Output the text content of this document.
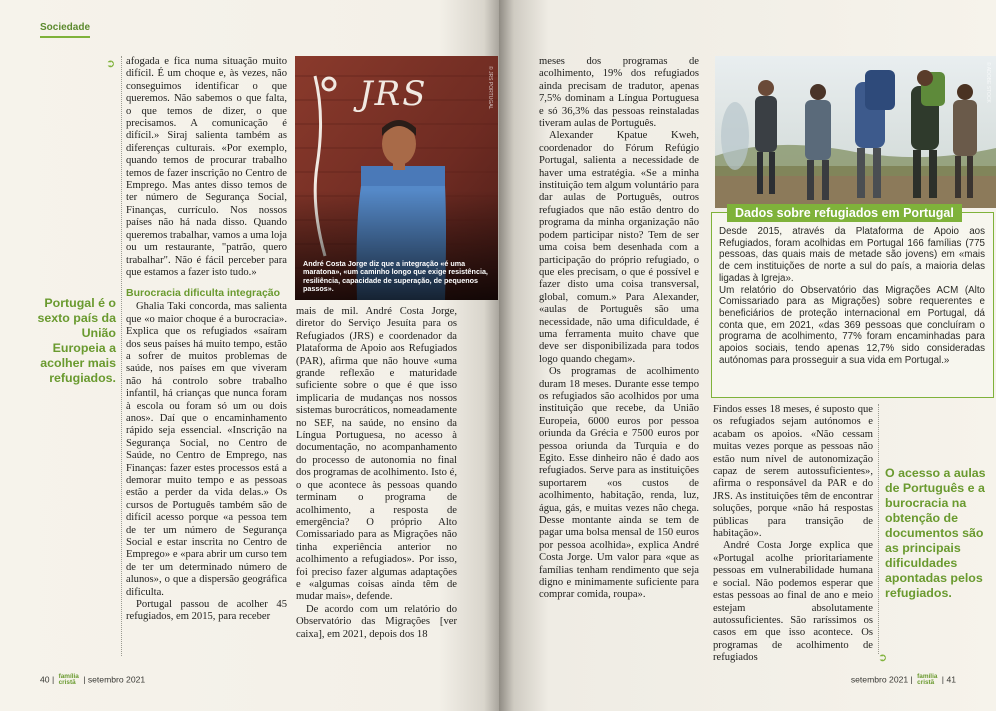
Sociedade
➲ afogada e fica numa situação muito difícil. É um choque e, às vezes, não conseguimos identificar o que queremos. Não sabemos o que falta, o que temos de dizer, o que precisamos. A comunicação é difícil.» Siraj salienta também as diferenças culturais. «Por exemplo, quando temos de procurar trabalho temos de fazer inscrição no Centro de Emprego. Mas antes disso temos de ter número de Segurança Social, Finanças, currículo. Nos nossos países não há nada disso. Quando queremos trabalhar, vamos a uma loja ou um restaurante, "patrão, quero trabalhar". Não é fácil perceber para que estamos a fazer isto tudo.»

Burocracia dificulta integração

Ghalia Taki concorda, mas salienta que «o maior choque é a burocracia». Explica que os refugiados «saíram dos seus países há muito tempo, estão a sofrer de muitos problemas de saúde, nos países em que viveram não há controlo sobre trabalho infantil, há crianças que nunca foram à escola ou foram só um ou dois anos». Daí que o encaminhamento rápido seja essencial. «Inscrição na Segurança Social, no Centro de Saúde, no Centro de Emprego, nas Finanças: fazer estes processos está a demorar muito tempo e as pessoas estão a perder da vida delas.» Os cursos de Português também são de difícil acesso porque «a pessoa tem de ter um número de Segurança Social e estar inscrita no Centro de Emprego» e «para abrir um curso tem de ter um determinado número de alunos», o que a dispersão geográfica dificulta.

Portugal passou de acolher 45 refugiados, em 2015, para receber

JRS	© JRS PORTUGAL
André Costa Jorge diz que a integração «é uma maratona», «um caminho longo que exige resistência, resiliência, capacidade de superação, de pequenos passos».

mais de mil. André Costa Jorge, diretor do Serviço Jesuíta para os Refugiados (JRS) e coordenador da Plataforma de Apoio aos Refugiados (PAR), afirma que não houve «uma grande reflexão e maturidade suficiente sobre o que é que isso implicaria de mudanças nos nossos sistemas burocráticos, nomeadamente no SEF, na saúde, no ensino da Língua Portuguesa, no acesso à documentação, no acompanhamento do processo de autonomia no final dos programas de acolhimento. Isto é, o que acontece às pessoas quando terminam o programa de acolhimento, a resposta de emergência? O próprio Alto Comissariado para as Migrações não tinha experiência anterior no acolhimento a refugiados». Por isso, foi preciso fazer algumas adaptações e «algumas coisas ainda têm de mudar mais», defende.

De acordo com um relatório do Observatório das Migrações [ver caixa], em 2021, depois dos 18

Portugal é o sexto país da União Europeia a acolher mais refugiados.
40 | família
cristã | setembro 2021

meses dos programas de acolhimento, 19% dos refugiados ainda precisam de tradutor, apenas 7,5% dominam a Língua Portuguesa e só 36,3% das pessoas reinstaladas tiveram aulas de Português.

Alexander Kpatue Kweh, coordenador do Fórum Refúgio Portugal, salienta a necessidade de haver uma estratégia. «Se a minha instituição tem algum voluntário para dar aulas de Português, outros refugiados que não estão dentro do programa da minha organização não podem participar nisto? Tem de ser uma coisa bem desenhada com a participação do próprio refugiado, o que eles precisam, o que é possível e fazer disto uma coisa transversal, global, comum.» Para Alexander, «aulas de Português são uma necessidade, não uma dificuldade, é uma ferramenta muito chave que deve ser disponibilizada para todos logo quando chegam».

Os programas de acolhimento duram 18 meses. Durante esse tempo os refugiados são acolhidos por uma instituição que recebe, da União Europeia, 6000 euros por pessoa oriunda da Grécia e 7500 euros por pessoa oriunda da Turquia e do Egito. Esse dinheiro não é dado aos refugiados. Serve para as instituições suportarem «os custos de acolhimento, habitação, renda, luz, água, gás, e muitas vezes não chega. Desse montante ainda se tem de pagar uma bolsa mensal de 150 euros por pessoa acolhida», explica André Costa Jorge. Um valor para «que as famílias tenham rendimento que seja digno e minimamente suficiente para comprar comida, roupa».

© ADOBE STOCK
Dados sobre refugiados em Portugal

Desde 2015, através da Plataforma de Apoio aos Refugiados, foram acolhidas em Portugal 166 famílias (775 pessoas, das quais mais de metade são jovens) em «mais de cem instituições de norte a sul do país, a maioria delas ligadas à Igreja».

Um relatório do Observatório das Migrações ACM (Alto Comissariado para as Migrações) sobre requerentes e beneficiários de proteção internacional em Portugal, dá conta que, em 2021, «das 369 pessoas que concluíram o programa de acolhimento, 77% foram encaminhadas para apoios sociais, tendo apenas 12,7% sido consideradas autónomas para prosseguir a sua vida em Portugal.»

Findos esses 18 meses, é suposto que os refugiados sejam autónomos e acabam os apoios. «Não cessam muitas vezes porque as pessoas não estão num nível de autonomização capaz de serem autossuficientes», afirma o responsável da PAR e do JRS. As instituições têm de encontrar soluções, porque «não há respostas públicas para transição de habitação».

André Costa Jorge explica que «Portugal acolhe prioritariamente pessoas em vulnerabilidade humana e social. Não podemos esperar que estas pessoas ao final de ano e meio estejam absolutamente autossuficientes. São raríssimos os casos em que isso acontece. Os programas de acolhimento de refugiados	➲
O acesso a aulas de Português e a burocracia na obtenção de documentos são as principais dificuldades apontadas pelos refugiados.
setembro 2021 | família
cristã | 41
